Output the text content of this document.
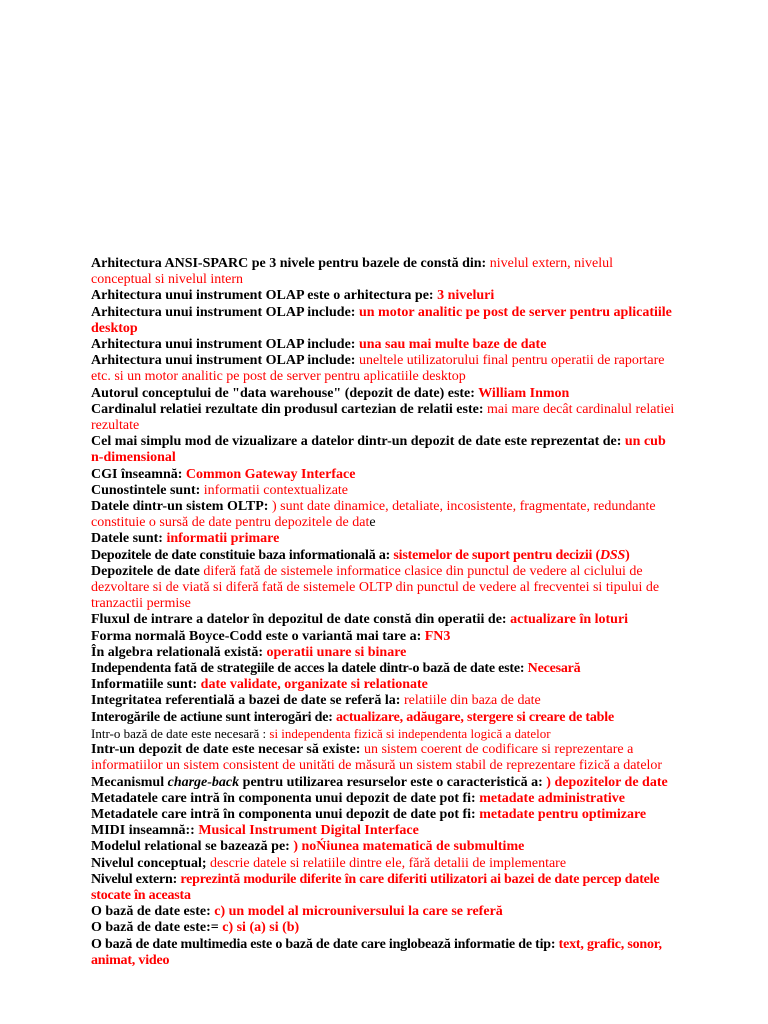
Arhitectura ANSI-SPARC pe 3 nivele pentru bazele de constă din: nivelul extern, nivelul conceptual si nivelul intern

Arhitectura unui instrument OLAP este o arhitectura pe: 3 niveluri

Arhitectura unui instrument OLAP include: un motor analitic pe post de server pentru aplicatiile desktop

Arhitectura unui instrument OLAP include: una sau mai multe baze de date

Arhitectura unui instrument OLAP include: uneltele utilizatorului final pentru operatii de raportare etc. si un motor analitic pe post de server pentru aplicatiile desktop

Autorul conceptului de "data warehouse" (depozit de date) este: William Inmon

Cardinalul relatiei rezultate din produsul cartezian de relatii este: mai mare decât cardinalul relatiei rezultate

Cel mai simplu mod de vizualizare a datelor dintr-un depozit de date este reprezentat de: un cub n-dimensional

CGI înseamnă: Common Gateway Interface

Cunostintele sunt: informatii contextualizate

Datele dintr-un sistem OLTP: ) sunt date dinamice, detaliate, incosistente, fragmentate, redundante constituie o sursă de date pentru depozitele de date

Datele sunt: informatii primare

Depozitele de date constituie baza informatională a: sistemelor de suport pentru decizii (DSS)

Depozitele de date diferă fată de sistemele informatice clasice din punctul de vedere al ciclului de dezvoltare si de viată si diferă fată de sistemele OLTP din punctul de vedere al frecventei si tipului de tranzactii permise

Fluxul de intrare a datelor în depozitul de date constă din operatii de: actualizare în loturi

Forma normală Boyce-Codd este o variantă mai tare a: FN3

În algebra relatională există: operatii unare si binare

Independenta fată de strategiile de acces la datele dintr-o bază de date este: Necesară

Informatiile sunt: date validate, organizate si relationate

Integritatea referentială a bazei de date se referă la: relatiile din baza de date

Interogările de actiune sunt interogări de: actualizare, adăugare, stergere si creare de table

Intr-o bază de date este necesară : si independenta fizică si independenta logică a datelor

Intr-un depozit de date este necesar să existe: un sistem coerent de codificare si reprezentare a informatiilor un sistem consistent de unităti de măsură un sistem stabil de reprezentare fizică a datelor

Mecanismul charge-back pentru utilizarea resurselor este o caracteristică a: ) depozitelor de date

Metadatele care intră în componenta unui depozit de date pot fi: metadate administrative

Metadatele care intră în componenta unui depozit de date pot fi: metadate pentru optimizare

MIDI inseamnă:: Musical Instrument Digital Interface

Modelul relational se bazează pe: ) noŃiunea matematică de submultime

Nivelul conceptual; descrie datele si relatiile dintre ele, fără detalii de implementare

Nivelul extern: reprezintă modurile diferite în care diferiti utilizatori ai bazei de date percep datele stocate în aceasta

O bază de date este: c) un model al microuniversului la care se referă

O bază de date este:= c) si (a) si (b)

O bază de date multimedia este o bază de date care inglobează informatie de tip: text, grafic, sonor, animat, video
